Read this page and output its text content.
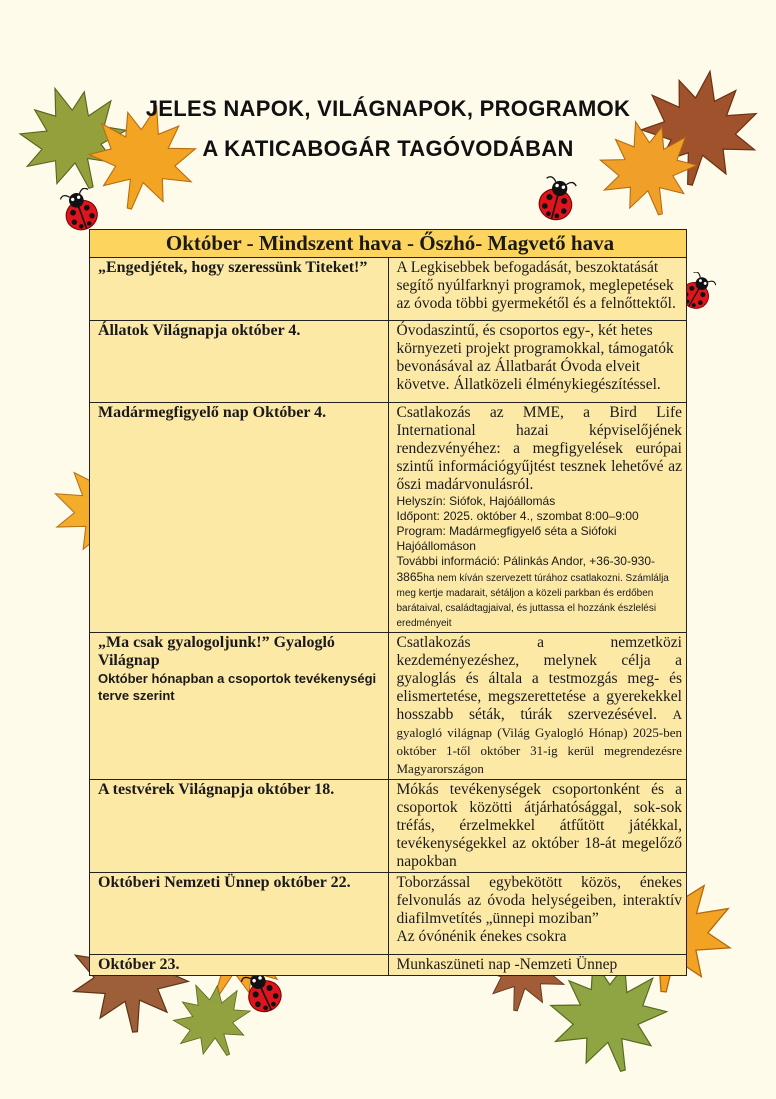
JELES NAPOK, VILÁGNAPOK, PROGRAMOK
A KATICABOGÁR TAGÓVODÁBAN
Október - Mindszent hava - Őszhó- Magvető hava	
„Engedjétek, hogy szeressünk Titeket!”	A Legkisebbek befogadását, beszoktatását segítő nyúlfarknyi programok, meglepetések az óvoda többi gyermekétől és a felnőttektől.
Állatok Világnapja október 4.	Óvodaszintű, és csoportos egy-, két hetes környezeti projekt programokkal, támogatók bevonásával az Állatbarát Óvoda elveit követve. Állatközeli élménykiegészítéssel.
Madármegfigyelő nap Október 4.	Csatlakozás az MME, a Bird Life International hazai képviselőjének rendezvényéhez: a megfigyelések európai szintű információgyűjtést tesznek lehetővé az őszi madárvonulásról.
Helyszín: Siófok, Hajóállomás
Időpont: 2025. október 4., szombat 8:00–9:00
Program: Madármegfigyelő séta a Siófoki Hajóállomáson
További információ: Pálinkás Andor, +36-30-930-3865ha nem kíván szervezett túrához csatlakozni. Számlálja meg kertje madarait, sétáljon a közeli parkban és erdőben barátaival, családtagjaival, és juttassa el hozzánk észlelési eredményeit

„Ma csak gyalogoljunk!” Gyalogló Világnap
Október hónapban a csoportok tevékenységi terve szerint	Csatlakozás a nemzetközi kezdeményezéshez, melynek célja a gyaloglás és általa a testmozgás meg- és elismertetése, megszerettetése a gyerekekkel hosszabb séták, túrák szervezésével. A gyalogló világnap (Világ Gyalogló Hónap) 2025-ben október 1-től október 31-ig kerül megrendezésre Magyarországon

A testvérek Világnapja október 18.	Mókás tevékenységek csoportonként és a csoportok közötti átjárhatósággal, sok-sok tréfás, érzelmekkel átfűtött játékkal, tevékenységekkel az október 18-át megelőző napokban
Októberi Nemzeti Ünnep október 22.	Toborzással egybekötött közös, énekes felvonulás az óvoda helységeiben, interaktív diafilmvetítés „ünnepi moziban”
Az óvónénik énekes csokra

Október 23.	Munkaszüneti nap -Nemzeti Ünnep
